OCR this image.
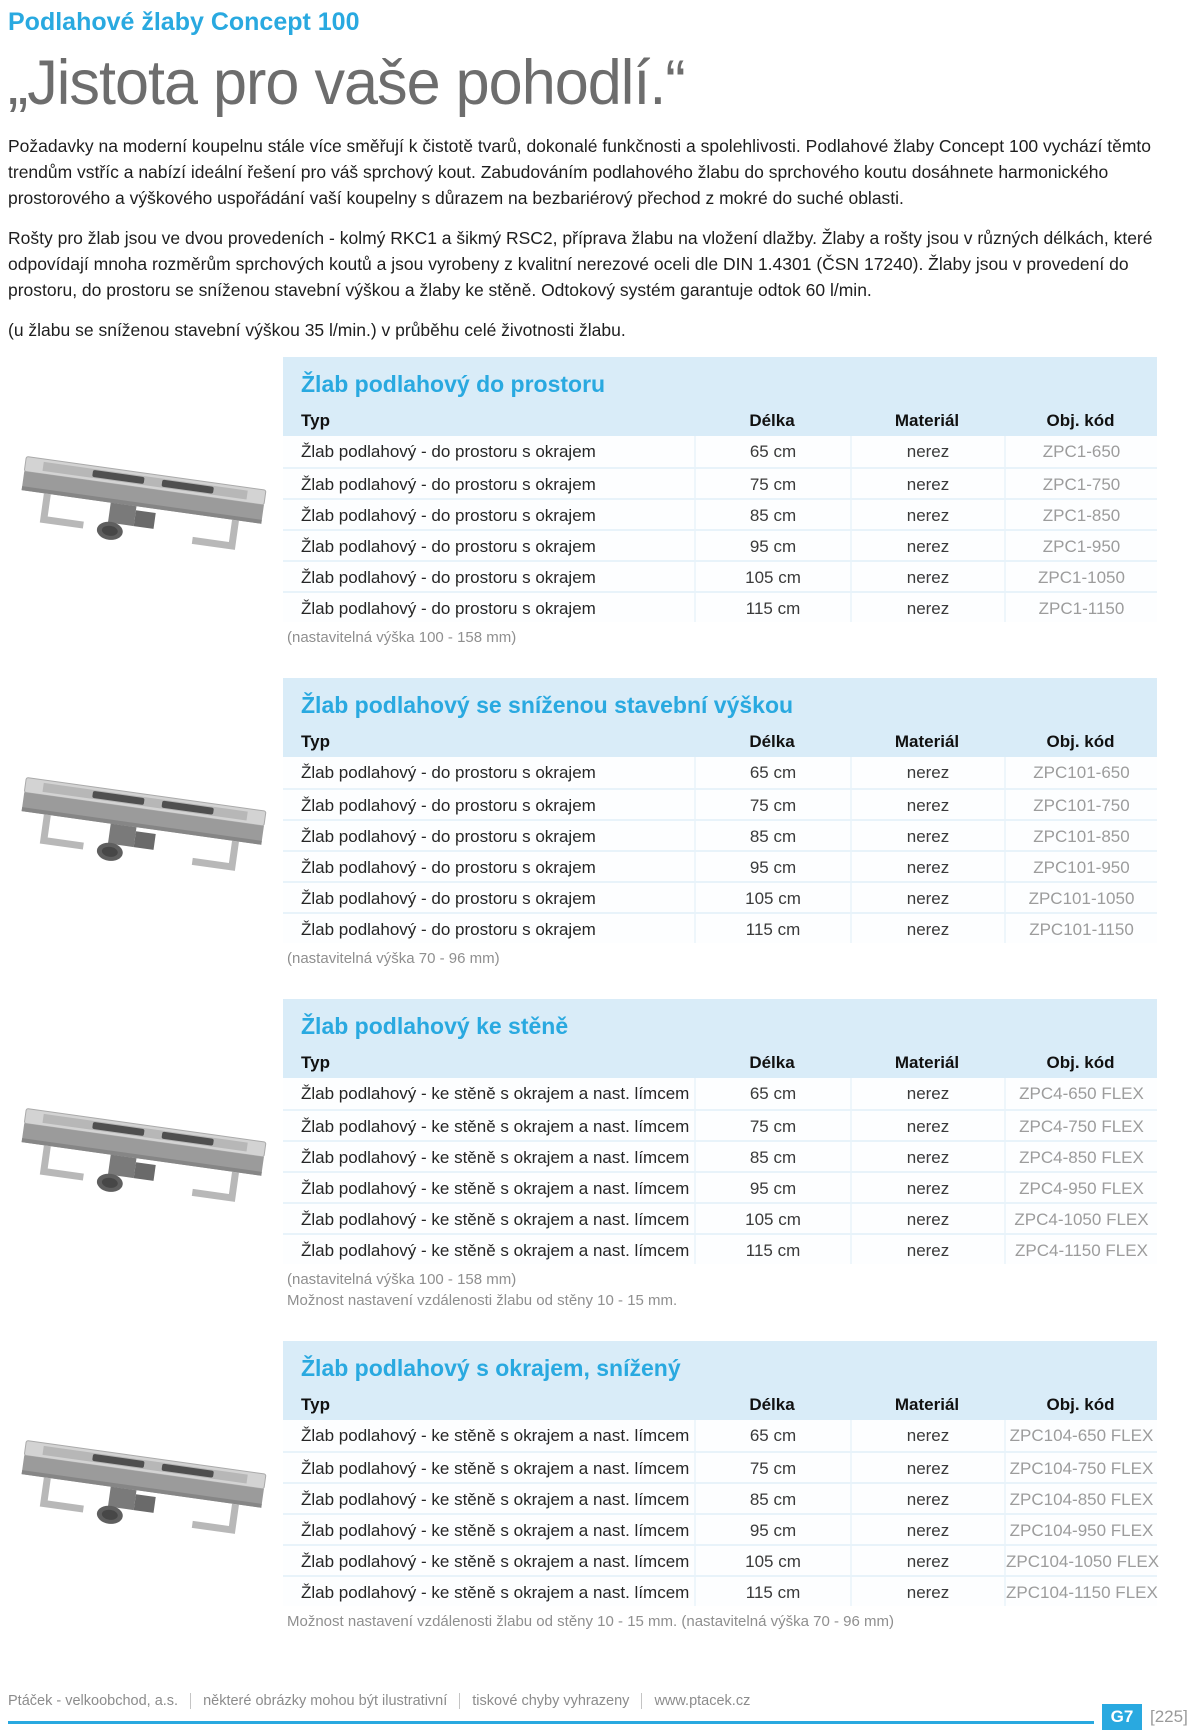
Podlahové žlaby Concept 100
„Jistota pro vaše pohodlí.“

Požadavky na moderní koupelnu stále více směřují k čistotě tvarů, dokonalé funkčnosti a spolehlivosti. Podlahové žlaby Concept 100 vychází těmto trendům vstříc a nabízí ideální řešení pro váš sprchový kout. Zabudováním podlahového žlabu do sprchového koutu dosáhnete harmonického prostorového a výškového uspořádání vaší koupelny s důrazem na bezbariérový přechod z mokré do suché oblasti.

Rošty pro žlab jsou ve dvou provedeních - kolmý RKC1 a šikmý RSC2, příprava žlabu na vložení dlažby. Žlaby a rošty jsou v různých délkách, které odpovídají mnoha rozměrům sprchových koutů a jsou vyrobeny z kvalitní nerezové oceli dle DIN 1.4301 (ČSN 17240). Žlaby jsou v provedení do prostoru, do prostoru se sníženou stavební výškou a žlaby ke stěně. Odtokový systém garantuje odtok 60 l/min.

(u žlabu se sníženou stavební výškou 35 l/min.) v průběhu celé životnosti žlabu.

Žlab podlahový do prostoru
Typ	Délka	Materiál	Obj. kód
Žlab podlahový - do prostoru s okrajem	65 cm	nerez	ZPC1-650
Žlab podlahový - do prostoru s okrajem	75 cm	nerez	ZPC1-750
Žlab podlahový - do prostoru s okrajem	85 cm	nerez	ZPC1-850
Žlab podlahový - do prostoru s okrajem	95 cm	nerez	ZPC1-950
Žlab podlahový - do prostoru s okrajem	105 cm	nerez	ZPC1-1050
Žlab podlahový - do prostoru s okrajem	115 cm	nerez	ZPC1-1150
(nastavitelná výška 100 - 158 mm)
Žlab podlahový se sníženou stavební výškou
Typ	Délka	Materiál	Obj. kód
Žlab podlahový - do prostoru s okrajem	65 cm	nerez	ZPC101-650
Žlab podlahový - do prostoru s okrajem	75 cm	nerez	ZPC101-750
Žlab podlahový - do prostoru s okrajem	85 cm	nerez	ZPC101-850
Žlab podlahový - do prostoru s okrajem	95 cm	nerez	ZPC101-950
Žlab podlahový - do prostoru s okrajem	105 cm	nerez	ZPC101-1050
Žlab podlahový - do prostoru s okrajem	115 cm	nerez	ZPC101-1150
(nastavitelná výška 70 - 96 mm)
Žlab podlahový ke stěně
Typ	Délka	Materiál	Obj. kód
Žlab podlahový - ke stěně s okrajem a nast. límcem	65 cm	nerez	ZPC4-650 FLEX
Žlab podlahový - ke stěně s okrajem a nast. límcem	75 cm	nerez	ZPC4-750 FLEX
Žlab podlahový - ke stěně s okrajem a nast. límcem	85 cm	nerez	ZPC4-850 FLEX
Žlab podlahový - ke stěně s okrajem a nast. límcem	95 cm	nerez	ZPC4-950 FLEX
Žlab podlahový - ke stěně s okrajem a nast. límcem	105 cm	nerez	ZPC4-1050 FLEX
Žlab podlahový - ke stěně s okrajem a nast. límcem	115 cm	nerez	ZPC4-1150 FLEX
(nastavitelná výška 100 - 158 mm)
Možnost nastavení vzdálenosti žlabu od stěny 10 - 15 mm.
Žlab podlahový s okrajem, snížený
Typ	Délka	Materiál	Obj. kód
Žlab podlahový - ke stěně s okrajem a nast. límcem	65 cm	nerez	ZPC104-650 FLEX
Žlab podlahový - ke stěně s okrajem a nast. límcem	75 cm	nerez	ZPC104-750 FLEX
Žlab podlahový - ke stěně s okrajem a nast. límcem	85 cm	nerez	ZPC104-850 FLEX
Žlab podlahový - ke stěně s okrajem a nast. límcem	95 cm	nerez	ZPC104-950 FLEX
Žlab podlahový - ke stěně s okrajem a nast. límcem	105 cm	nerez	ZPC104-1050 FLEX
Žlab podlahový - ke stěně s okrajem a nast. límcem	115 cm	nerez	ZPC104-1150 FLEX
Možnost nastavení vzdálenosti žlabu od stěny 10 - 15 mm. (nastavitelná výška 70 - 96 mm)
Ptáček - velkoobchod, a.s. některé obrázky mohou být ilustrativní tiskové chyby vyhrazeny www.ptacek.cz
G7 [225]
